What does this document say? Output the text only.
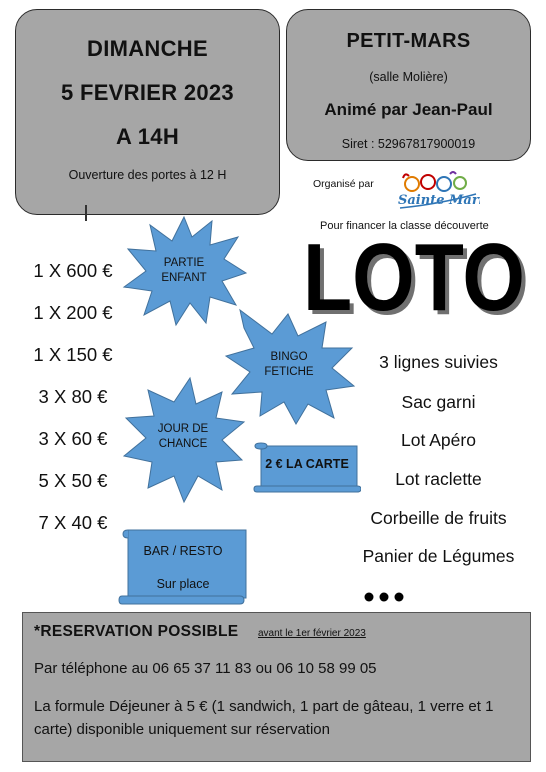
DIMANCHE
5 FEVRIER 2023
A 14H
Ouverture des portes à 12 H
PETIT-MARS
(salle Molière)
Animé par Jean-Paul
Siret : 52967817900019
Organisé par
Sainte Mar
Pour financer la classe découverte
LOTO
LOTO
1 X 600 €
1 X 200 €
1 X 150 €
3 X 80 €
3 X 60 €
5 X 50 €
7 X 40 €
PARTIE
ENFANT
BINGO
FETICHE
JOUR DE
CHANCE
2 € LA CARTE
BAR / RESTO
Sur place
3 lignes suivies
Sac garni
Lot Apéro
Lot raclette
Corbeille de fruits
Panier de Légumes
*RESERVATION POSSIBLE avant le 1er février 2023
Par téléphone au 06 65 37 11 83 ou 06 10 58 99 05
La formule Déjeuner à 5 € (1 sandwich, 1 part de gâteau, 1 verre et 1 carte) disponible uniquement sur réservation
